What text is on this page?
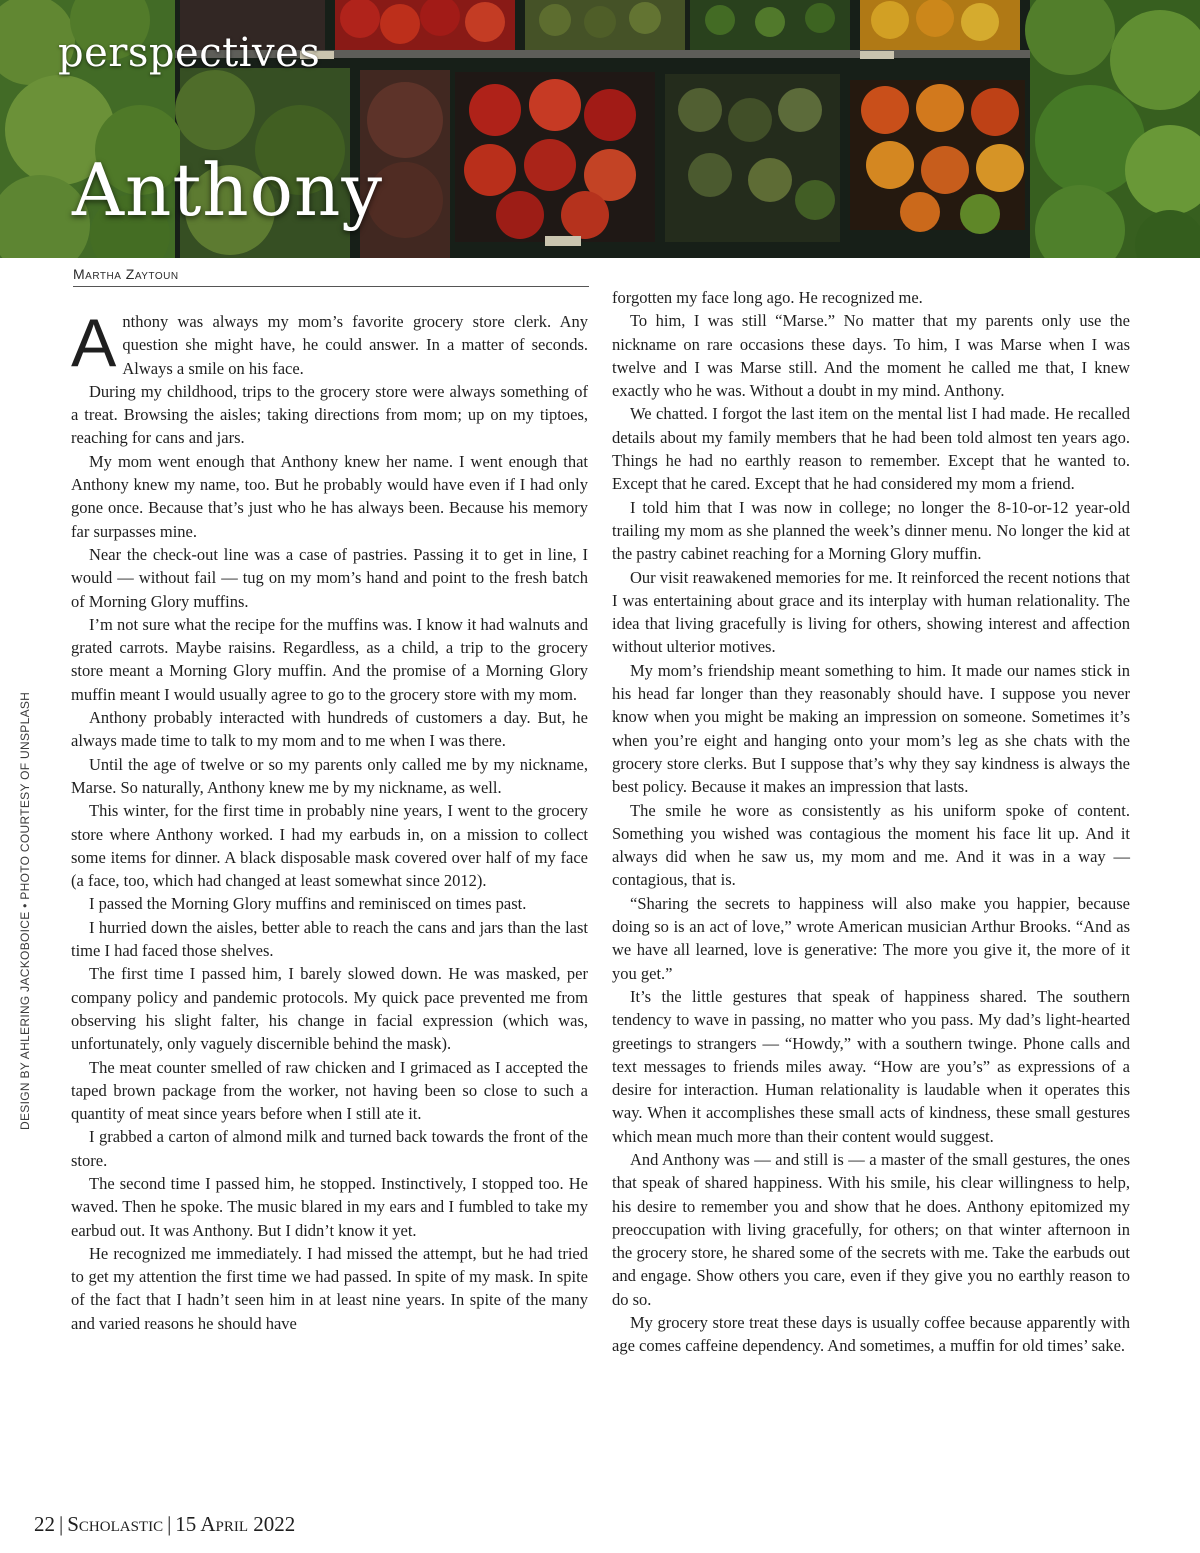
perspectives
Anthony
Martha Zaytoun

Anthony was always my mom’s favorite grocery store clerk. Any question she might have, he could answer. In a matter of seconds. Always a smile on his face.

During my childhood, trips to the grocery store were always something of a treat. Browsing the aisles; taking directions from mom; up on my tiptoes, reaching for cans and jars.

My mom went enough that Anthony knew her name. I went enough that Anthony knew my name, too. But he probably would have even if I had only gone once. Because that’s just who he has always been. Because his memory far surpasses mine.

Near the check-out line was a case of pastries. Passing it to get in line, I would — without fail — tug on my mom’s hand and point to the fresh batch of Morning Glory muffins.

I’m not sure what the recipe for the muffins was. I know it had walnuts and grated carrots. Maybe raisins. Regardless, as a child, a trip to the grocery store meant a Morning Glory muffin. And the promise of a Morning Glory muffin meant I would usually agree to go to the grocery store with my mom.

Anthony probably interacted with hundreds of customers a day. But, he always made time to talk to my mom and to me when I was there.

Until the age of twelve or so my parents only called me by my nickname, Marse. So naturally, Anthony knew me by my nickname, as well.

This winter, for the first time in probably nine years, I went to the grocery store where Anthony worked. I had my earbuds in, on a mission to collect some items for dinner. A black disposable mask covered over half of my face (a face, too, which had changed at least somewhat since 2012).

I passed the Morning Glory muffins and reminisced on times past.

I hurried down the aisles, better able to reach the cans and jars than the last time I had faced those shelves.

The first time I passed him, I barely slowed down. He was masked, per company policy and pandemic protocols. My quick pace prevented me from observing his slight falter, his change in facial expression (which was, unfortunately, only vaguely discernible behind the mask).

The meat counter smelled of raw chicken and I grimaced as I accepted the taped brown package from the worker, not having been so close to such a quantity of meat since years before when I still ate it.

I grabbed a carton of almond milk and turned back towards the front of the store.

The second time I passed him, he stopped. Instinctively, I stopped too. He waved. Then he spoke. The music blared in my ears and I fumbled to take my earbud out. It was Anthony. But I didn’t know it yet.

He recognized me immediately. I had missed the attempt, but he had tried to get my attention the first time we had passed. In spite of my mask. In spite of the fact that I hadn’t seen him in at least nine years. In spite of the many and varied reasons he should have

forgotten my face long ago. He recognized me.

To him, I was still “Marse.” No matter that my parents only use the nickname on rare occasions these days. To him, I was Marse when I was twelve and I was Marse still. And the moment he called me that, I knew exactly who he was. Without a doubt in my mind. Anthony.

We chatted. I forgot the last item on the mental list I had made. He recalled details about my family members that he had been told almost ten years ago. Things he had no earthly reason to remember. Except that he wanted to. Except that he cared. Except that he had considered my mom a friend.

I told him that I was now in college; no longer the 8-10-or-12 year-old trailing my mom as she planned the week’s dinner menu. No longer the kid at the pastry cabinet reaching for a Morning Glory muffin.

Our visit reawakened memories for me. It reinforced the recent notions that I was entertaining about grace and its interplay with human relationality. The idea that living gracefully is living for others, showing interest and affection without ulterior motives.

My mom’s friendship meant something to him. It made our names stick in his head far longer than they reasonably should have. I suppose you never know when you might be making an impression on someone. Sometimes it’s when you’re eight and hanging onto your mom’s leg as she chats with the grocery store clerks. But I suppose that’s why they say kindness is always the best policy. Because it makes an impression that lasts.

The smile he wore as consistently as his uniform spoke of content. Something you wished was contagious the moment his face lit up. And it always did when he saw us, my mom and me. And it was in a way — contagious, that is.

“Sharing the secrets to happiness will also make you happier, because doing so is an act of love,” wrote American musician Arthur Brooks. “And as we have all learned, love is generative: The more you give it, the more of it you get.”

It’s the little gestures that speak of happiness shared. The southern tendency to wave in passing, no matter who you pass. My dad’s light-hearted greetings to strangers — “Howdy,” with a southern twinge. Phone calls and text messages to friends miles away. “How are you’s” as expressions of a desire for interaction. Human relationality is laudable when it operates this way. When it accomplishes these small acts of kindness, these small gestures which mean much more than their content would suggest.

And Anthony was — and still is — a master of the small gestures, the ones that speak of shared happiness. With his smile, his clear willingness to help, his desire to remember you and show that he does. Anthony epitomized my preoccupation with living gracefully, for others; on that winter afternoon in the grocery store, he shared some of the secrets with me. Take the earbuds out and engage. Show others you care, even if they give you no earthly reason to do so.

My grocery store treat these days is usually coffee because apparently with age comes caffeine dependency. And sometimes, a muffin for old times’ sake.

DESIGN BY AHLERING JACKOBOICE • PHOTO COURTESY OF UNSPLASH
22 | Scholastic | 15 April 2022
